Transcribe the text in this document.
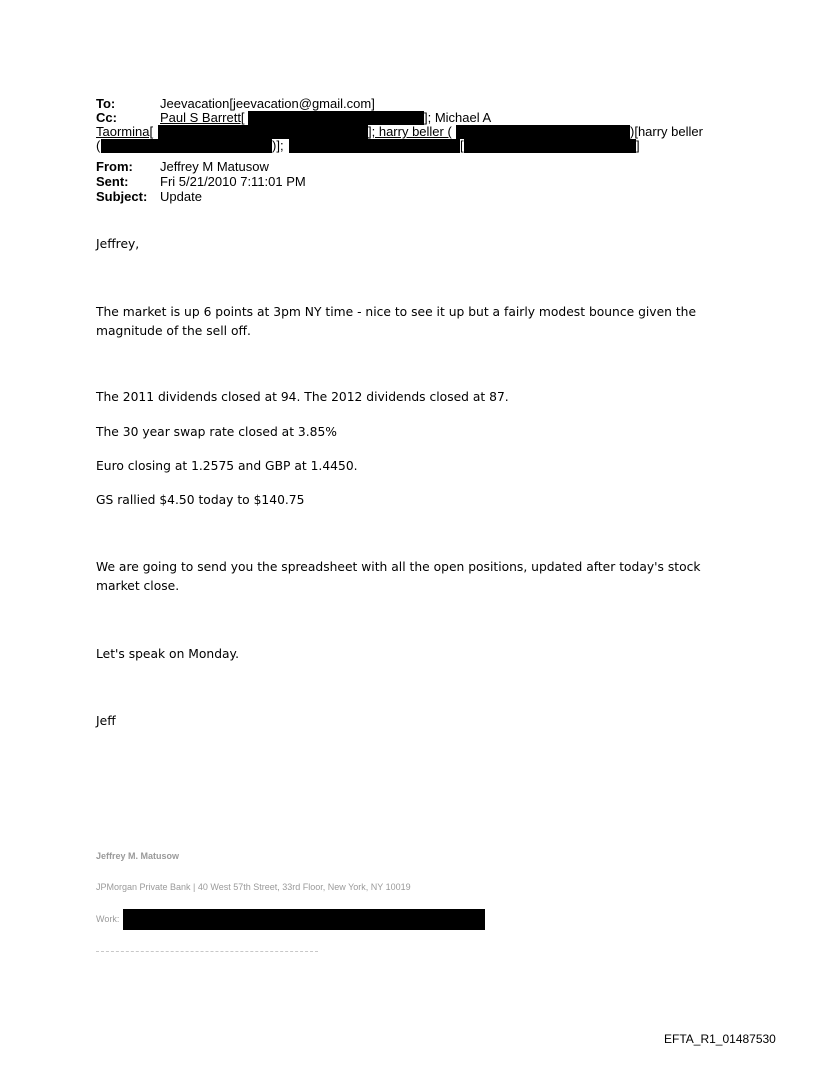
To:	Jeevacation[jeevacation@gmail.com]
Cc:	Paul S Barrett[	]; Michael A
Taormina[	]; harry beller (	)[harry beller
(	)];	[	]
From: Jeffrey M Matusow
Sent: Fri 5/21/2010 7:11:01 PM
Subject: Update
Jeffrey,
The market is up 6 points at 3pm NY time - nice to see it up but a fairly modest bounce given the
magnitude of the sell off.
The 2011 dividends closed at 94. The 2012 dividends closed at 87.
The 30 year swap rate closed at 3.85%
Euro closing at 1.2575 and GBP at 1.4450.
GS rallied $4.50 today to $140.75
We are going to send you the spreadsheet with all the open positions, updated after today's stock
market close.
Let's speak on Monday.
Jeff
Jeffrey M. Matusow
JPMorgan Private Bank | 40 West 57th Street, 33rd Floor, New York, NY 10019
Work:
EFTA_R1_01487530
